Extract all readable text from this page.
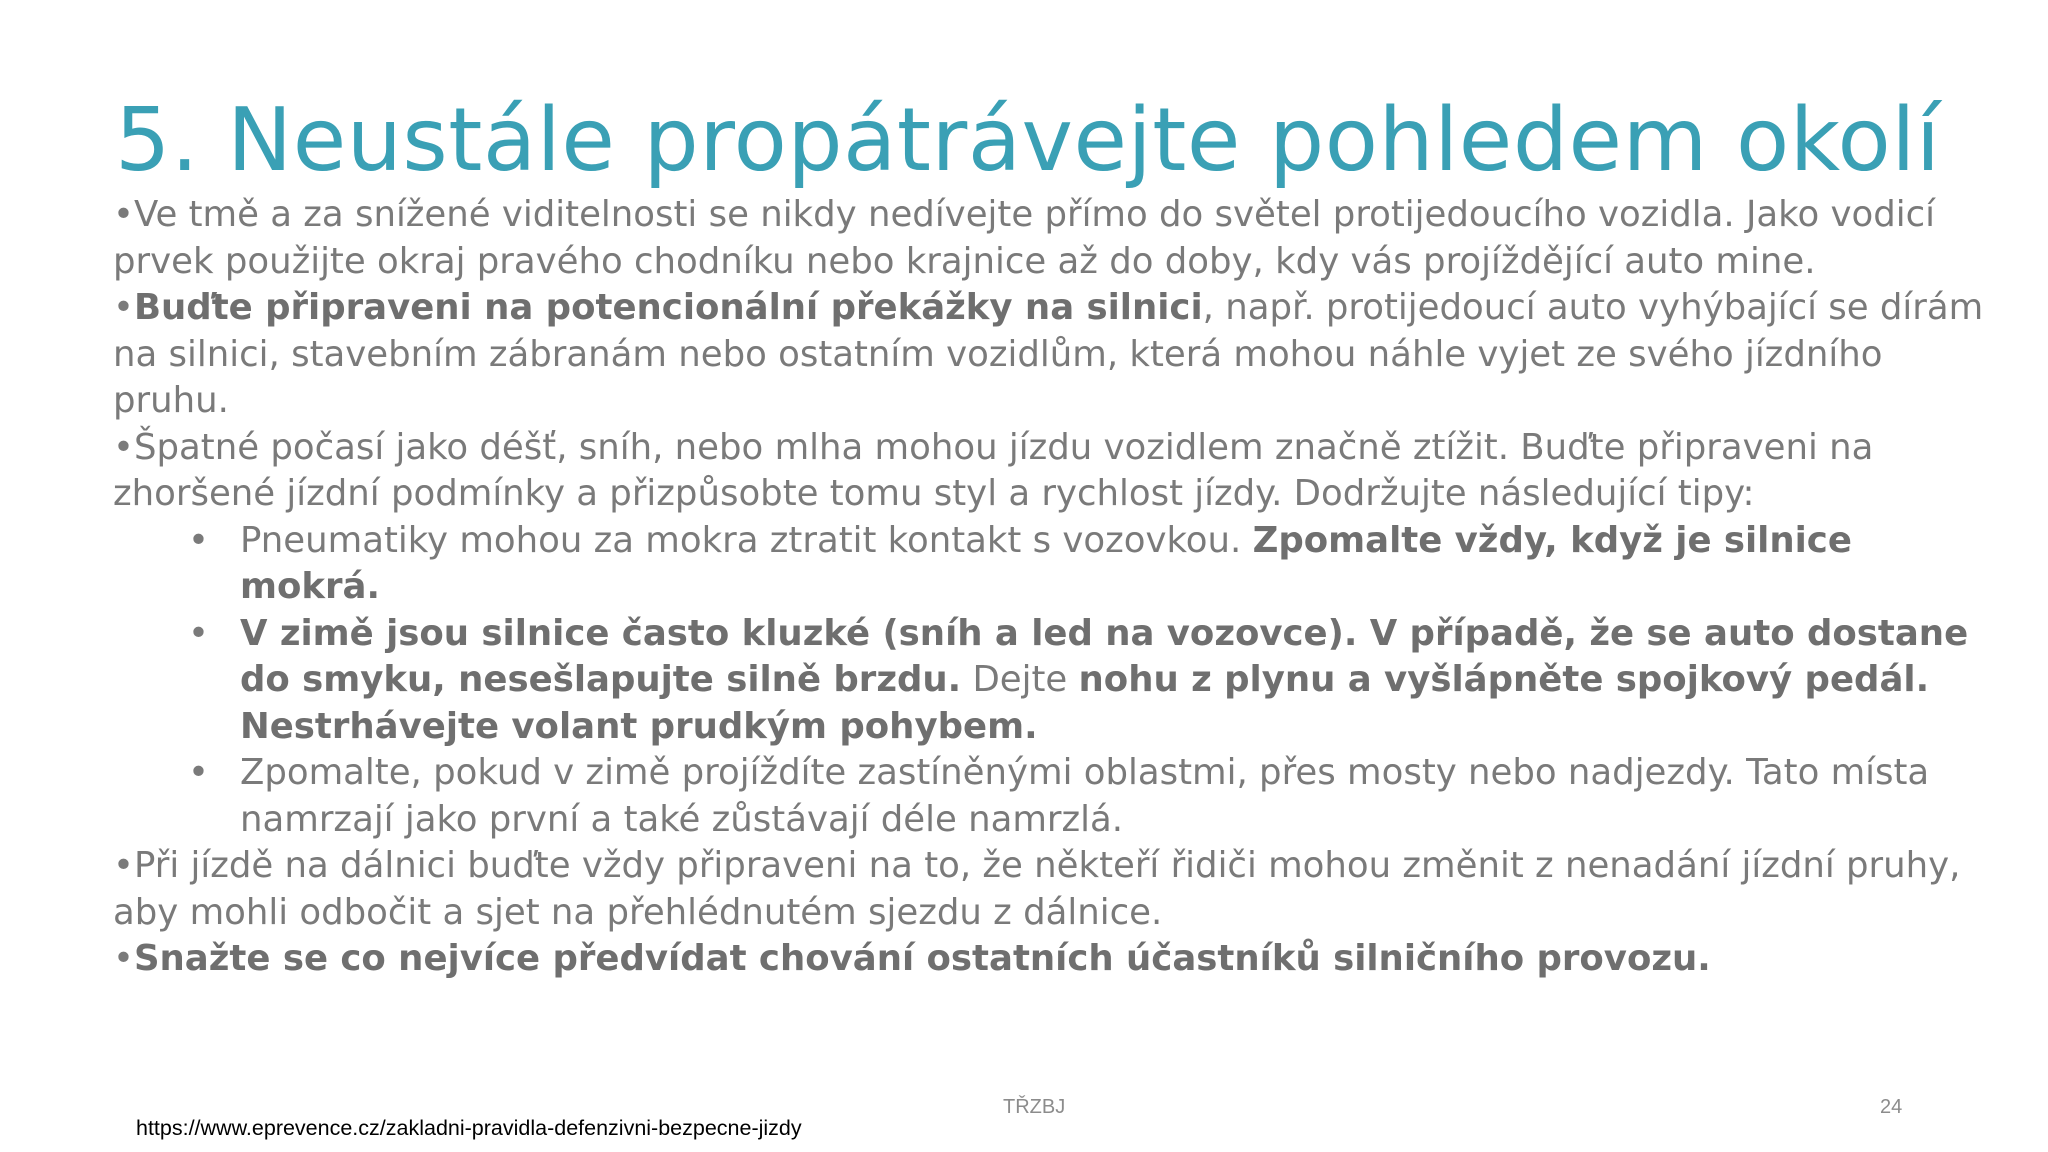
5. Neustále propátrávejte pohledem okolí

•Ve tmě a za snížené viditelnosti se nikdy nedívejte přímo do světel protijedoucího vozidla. Jako vodicí prvek použijte okraj pravého chodníku nebo krajnice až do doby, kdy vás projíždějící auto mine.

•Buďte připraveni na potencionální překážky na silnici, např. protijedoucí auto vyhýbající se dírám na silnici, stavebním zábranám nebo ostatním vozidlům, která mohou náhle vyjet ze svého jízdního pruhu.

•Špatné počasí jako déšť, sníh, nebo mlha mohou jízdu vozidlem značně ztížit. Buďte připraveni na zhoršené jízdní podmínky a přizpůsobte tomu styl a rychlost jízdy. Dodržujte následující tipy:

• Pneumatiky mohou za mokra ztratit kontakt s vozovkou. Zpomalte vždy, když je silnice mokrá.
• V zimě jsou silnice často kluzké (sníh a led na vozovce). V případě, že se auto dostane do smyku, nesešlapujte silně brzdu. Dejte nohu z plynu a vyšlápněte spojkový pedál. Nestrhávejte volant prudkým pohybem.
• Zpomalte, pokud v zimě projíždíte zastíněnými oblastmi, přes mosty nebo nadjezdy. Tato místa namrzají jako první a také zůstávají déle namrzlá.

•Při jízdě na dálnici buďte vždy připraveni na to, že někteří řidiči mohou změnit z nenadání jízdní pruhy, aby mohli odbočit a sjet na přehlédnutém sjezdu z dálnice.

•Snažte se co nejvíce předvídat chování ostatních účastníků silničního provozu.

TŘZBJ	24
https://www.eprevence.cz/zakladni-pravidla-defenzivni-bezpecne-jizdy
